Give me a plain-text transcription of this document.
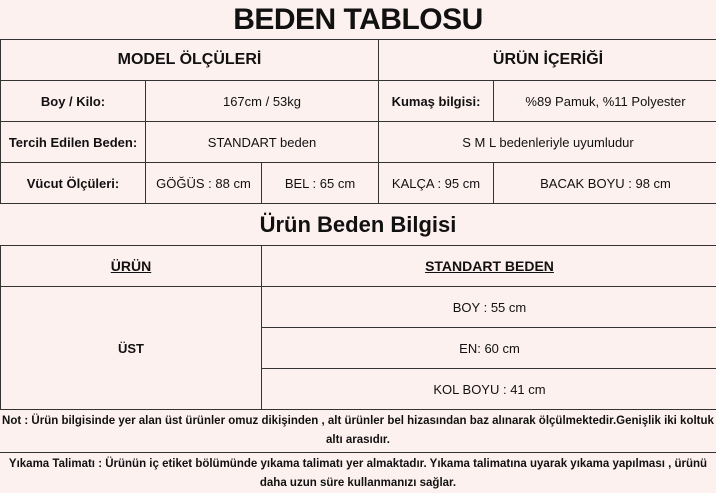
BEDEN TABLOSU
MODEL ÖLÇÜLERİ			ÜRÜN İÇERİĞİ	
Boy / Kilo:	167cm / 53kg		Kumaş bilgisi:	%89 Pamuk, %11 Polyester
Tercih Edilen Beden:	STANDART beden		S M L bedenleriyle uyumludur	
Vücut Ölçüleri:	GÖĞÜS : 88 cm	BEL : 65 cm	KALÇA : 95 cm	BACAK BOYU : 98 cm
Ürün Beden Bilgisi
ÜRÜN	STANDART BEDEN
ÜST	BOY : 55 cm
	EN: 60 cm
	KOL BOYU : 41 cm
Not : Ürün bilgisinde yer alan üst ürünler omuz dikişinden , alt ürünler bel hizasından baz alınarak ölçülmektedir.Genişlik iki koltuk altı arasıdır.
Yıkama Talimatı : Ürünün iç etiket bölümünde yıkama talimatı yer almaktadır. Yıkama talimatına uyarak yıkama yapılması , ürünü daha uzun süre kullanmanızı sağlar.
